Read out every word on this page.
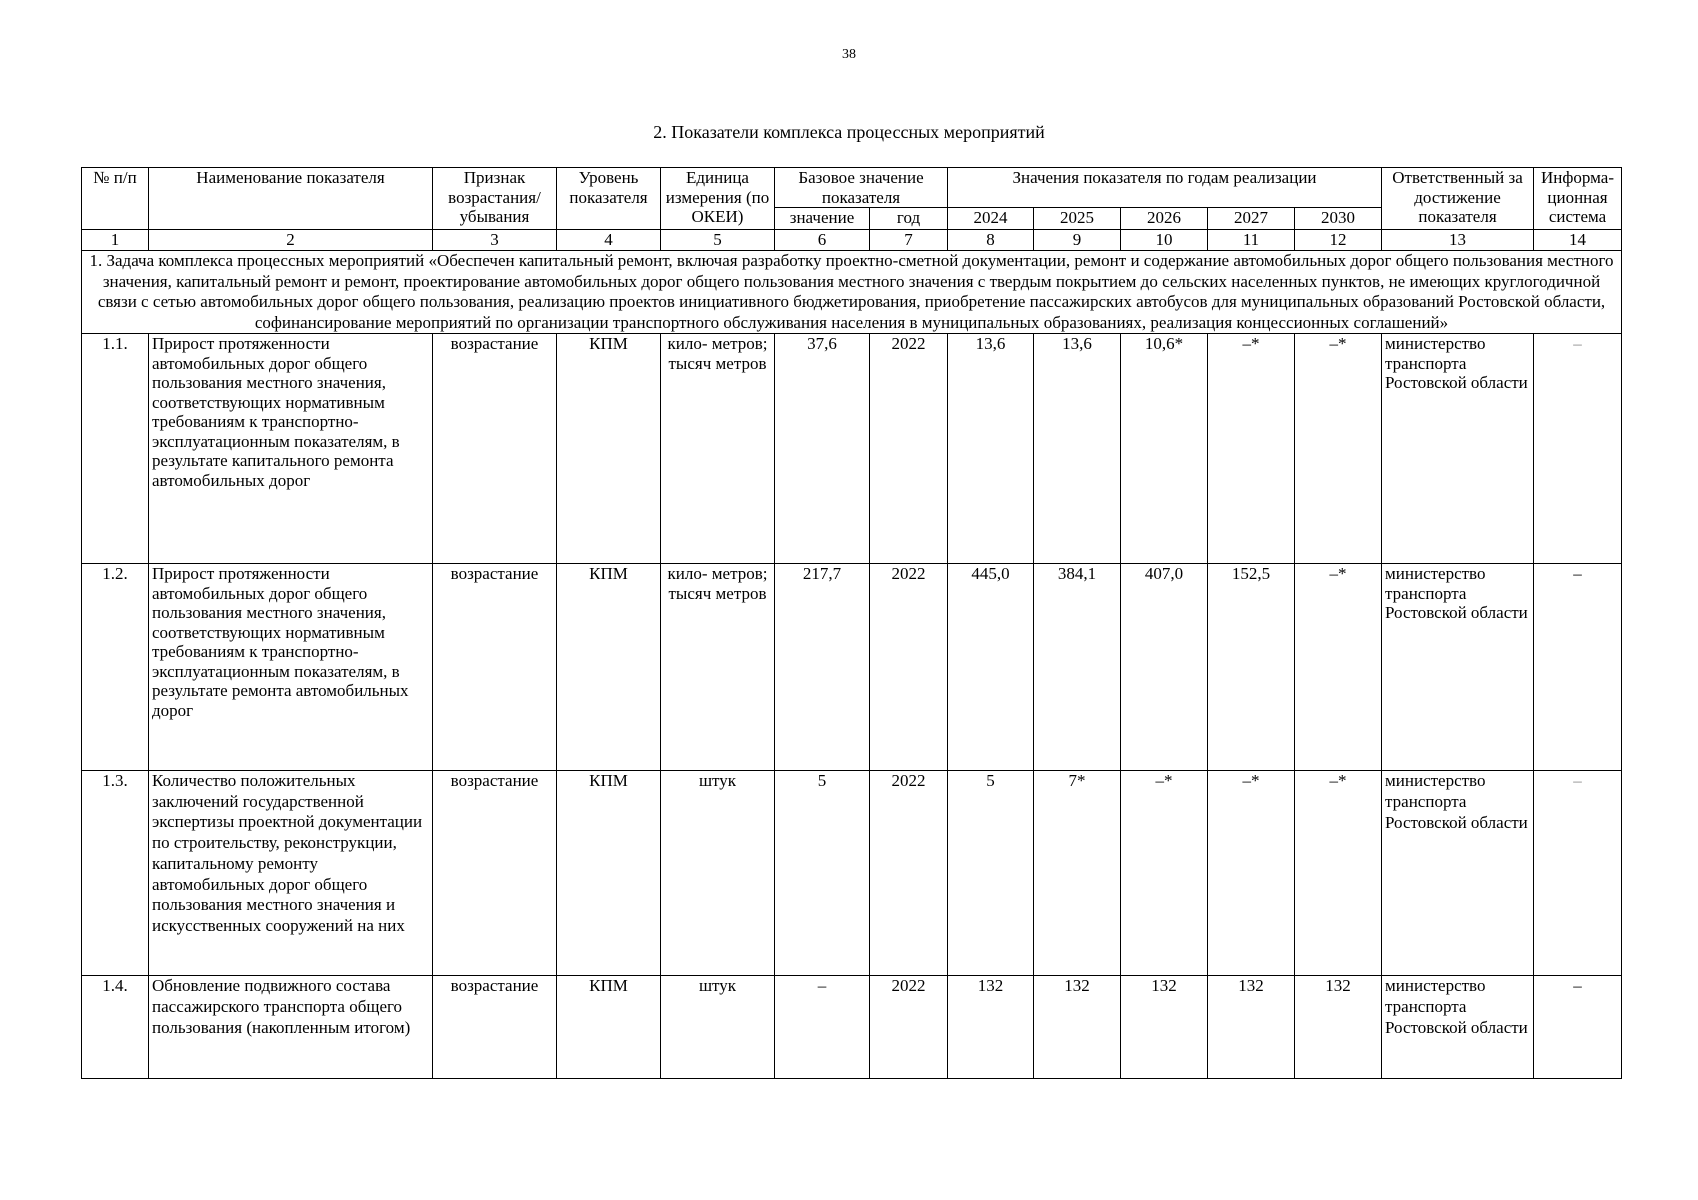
38
2. Показатели комплекса процессных мероприятий
№ п/п	Наименование показателя	Признак возрастания/ убывания	Уровень показателя	Единица измерения (по ОКЕИ)	Базовое значение показателя		Значения показателя по годам реализации					Ответственный за достижение показателя	Информа- ционная система
					значение	год	2024	2025	2026	2027	2030		
1	2	3	4	5	6	7	8	9	10	11	12	13	14
1. Задача комплекса процессных мероприятий «Обеспечен капитальный ремонт, включая разработку проектно-сметной документации, ремонт и содержание автомобильных дорог общего пользования местного значения, капитальный ремонт и ремонт, проектирование автомобильных дорог общего пользования местного значения с твердым покрытием до сельских населенных пунктов, не имеющих круглогодичной связи с сетью автомобильных дорог общего пользования, реализацию проектов инициативного бюджетирования, приобретение пассажирских автобусов для муниципальных образований Ростовской области, софинансирование мероприятий по организации транспортного обслуживания населения в муниципальных образованиях, реализация концессионных соглашений»													
1.1.	Прирост протяженности автомобильных дорог общего пользования местного значения, соответствующих нормативным требованиям к транспортно-эксплуатационным показателям, в результате капитального ремонта автомобильных дорог	возрастание	КПМ	кило- метров; тысяч метров	37,6	2022	13,6	13,6	10,6*	–*	–*	министерство транспорта Ростовской области	–
1.2.	Прирост протяженности автомобильных дорог общего пользования местного значения, соответствующих нормативным требованиям к транспортно-эксплуатационным показателям, в результате ремонта автомобильных дорог	возрастание	КПМ	кило- метров; тысяч метров	217,7	2022	445,0	384,1	407,0	152,5	–*	министерство транспорта Ростовской области	–
1.3.	Количество положительных заключений государственной экспертизы проектной документации по строительству, реконструкции, капитальному ремонту автомобильных дорог общего пользования местного значения и искусственных сооружений на них	возрастание	КПМ	штук	5	2022	5	7*	–*	–*	–*	министерство транспорта Ростовской области	–
1.4.	Обновление подвижного состава пассажирского транспорта общего пользования (накопленным итогом)	возрастание	КПМ	штук	–	2022	132	132	132	132	132	министерство транспорта Ростовской области	–
